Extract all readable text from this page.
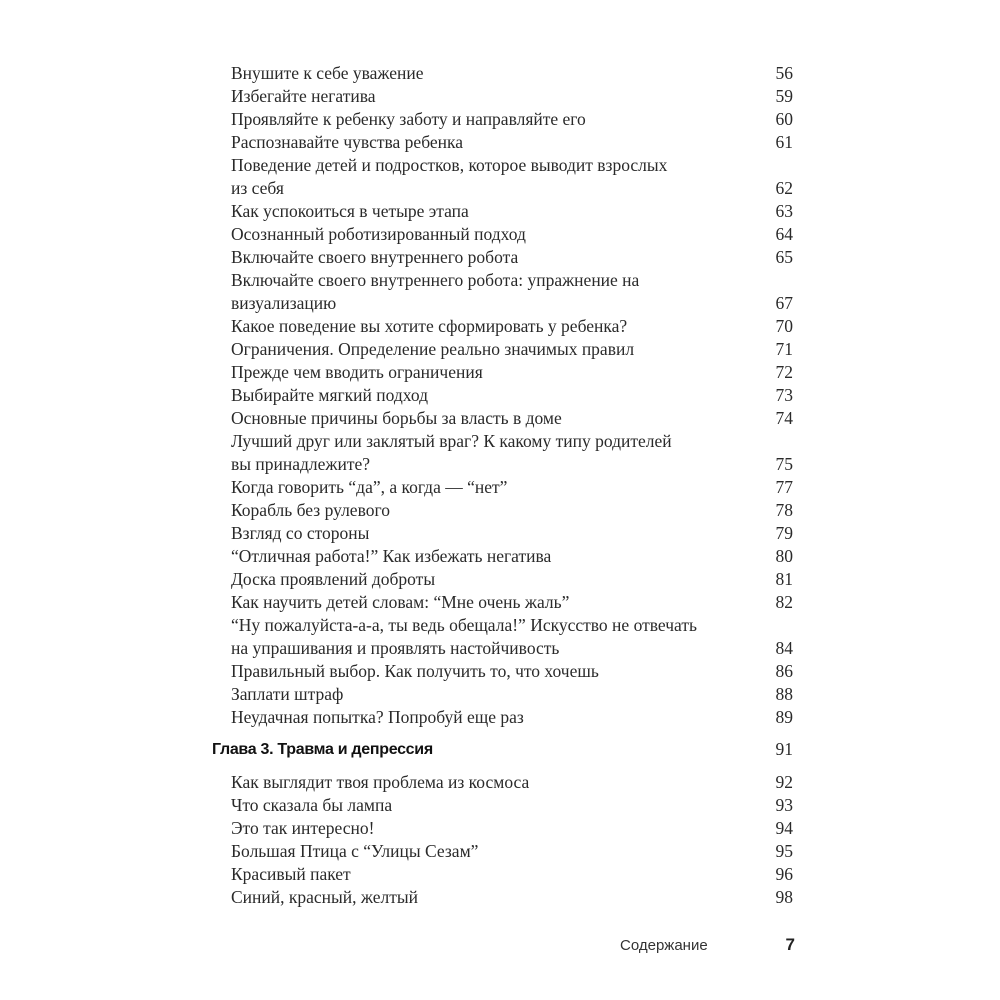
Внушите к себе уважение	56
Избегайте негатива	59
Проявляйте к ребенку заботу и направляйте его	60
Распознавайте чувства ребенка	61
Поведение детей и подростков, которое выводит взрослых
из себя	62
Как успокоиться в четыре этапа	63
Осознанный роботизированный подход	64
Включайте своего внутреннего робота	65
Включайте своего внутреннего робота: упражнение на
визуализацию	67
Какое поведение вы хотите сформировать у ребенка?	70
Ограничения. Определение реально значимых правил	71
Прежде чем вводить ограничения	72
Выбирайте мягкий подход	73
Основные причины борьбы за власть в доме	74
Лучший друг или заклятый враг? К какому типу родителей
вы принадлежите?	75
Когда говорить “да”, а когда — “нет”	77
Корабль без рулевого	78
Взгляд со стороны	79
“Отличная работа!” Как избежать негатива	80
Доска проявлений доброты	81
Как научить детей словам: “Мне очень жаль”	82
“Ну пожалуйста-а-а, ты ведь обещала!” Искусство не отвечать
на упрашивания и проявлять настойчивость	84
Правильный выбор. Как получить то, что хочешь	86
Заплати штраф	88
Неудачная попытка? Попробуй еще раз	89
Глава 3. Травма и депрессия	91
Как выглядит твоя проблема из космоса	92
Что сказала бы лампа	93
Это так интересно!	94
Большая Птица с “Улицы Сезам”	95
Красивый пакет	96
Синий, красный, желтый	98
Содержание	7
